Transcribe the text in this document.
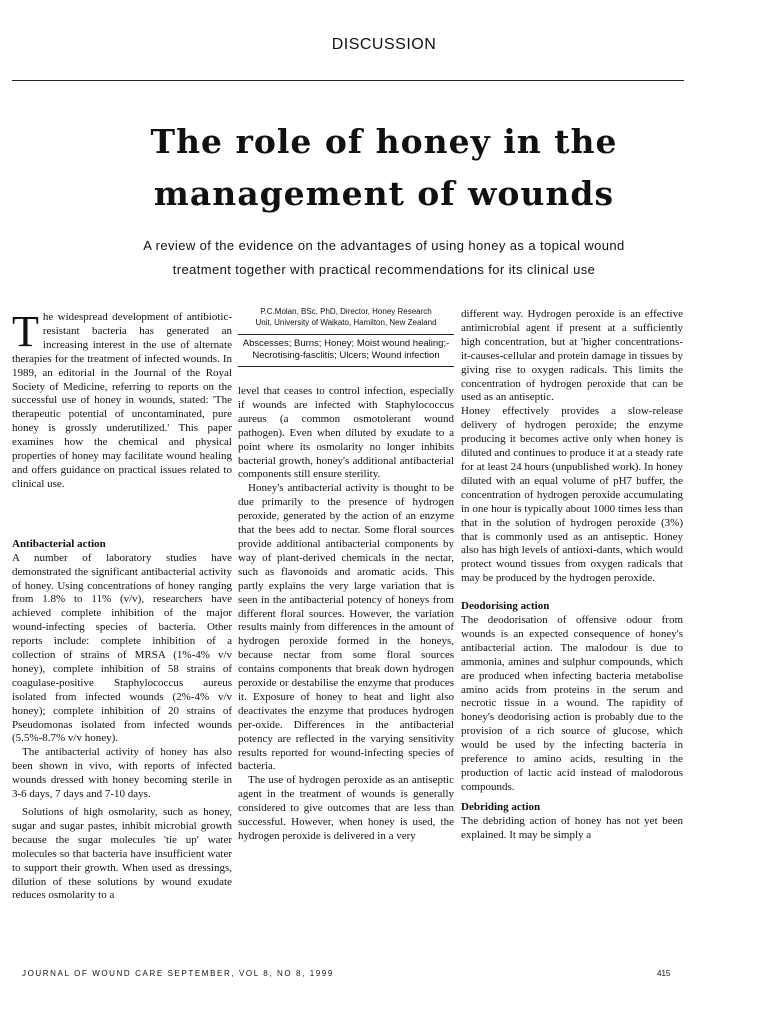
DISCUSSION
The role of honey in the
management of wounds
A review of the evidence on the advantages of using honey as a topical wound
treatment together with practical recommendations for its clinical use

T he widespread development of antibiotic-resistant bacteria has generated an increasing interest in the use of alternate therapies for the treatment of infected wounds. In 1989, an editorial in the Journal of the Royal Society of Medicine, referring to reports on the successful use of honey in wounds, stated: 'The therapeutic potential of uncontaminated, pure honey is grossly underutilized.' This paper examines how the chemical and physical properties of honey may facilitate wound healing and offers guidance on practical issues related to clinical use.

Antibacterial action

A number of laboratory studies have demonstrated the significant antibacterial activity of honey. Using concentrations of honey ranging from 1.8% to 11% (v/v), researchers have achieved complete inhibition of the major wound-infecting species of bacteria. Other reports include: complete inhibition of a collection of strains of MRSA (1%-4% v/v honey), complete inhibition of 58 strains of coagulase-positive Staphylococcus aureus isolated from infected wounds (2%-4% v/v honey); complete inhibition of 20 strains of Pseudomonas isolated from infected wounds (5.5%-8.7% v/v honey).

The antibacterial activity of honey has also been shown in vivo, with reports of infected wounds dressed with honey becoming sterile in 3-6 days, 7 days and 7-10 days.

Solutions of high osmolarity, such as honey, sugar and sugar pastes, inhibit microbial growth because the sugar molecules 'tie up' water molecules so that bacteria have insufficient water to support their growth. When used as dressings, dilution of these solutions by wound exudate reduces osmolarity to a

P.C.Molan, BSc, PhD, Director, Honey Research
Unit, University of Waikato, Hamilton, New Zealand
Abscesses; Burns; Honey; Moist wound healing;-Necrotising-fasclitis; Ulcers; Wound infection

level that ceases to control infection, especially if wounds are infected with Staphylococcus aureus (a common osmotolerant wound pathogen). Even when diluted by exudate to a point where its osmolarity no longer inhibits bacterial growth, honey's additional antibacterial components still ensure sterility.

Honey's antibacterial activity is thought to be due primarily to the presence of hydrogen peroxide, generated by the action of an enzyme that the bees add to nectar. Some floral sources provide additional antibacterial components by way of plant-derived chemicals in the nectar, such as flavonoids and aromatic acids. This partly explains the very large variation that is seen in the antibacterial potency of honeys from different floral sources. However, the variation results mainly from differences in the amount of hydrogen peroxide formed in the honeys, because nectar from some floral sources contains components that break down hydrogen peroxide or destabilise the enzyme that produces it. Exposure of honey to heat and light also deactivates the enzyme that produces hydrogen per-oxide. Differences in the antibacterial potency are reflected in the varying sensitivity results reported for wound-infecting species of bacteria.

The use of hydrogen peroxide as an antiseptic agent in the treatment of wounds is generally considered to give outcomes that are less than successful. However, when honey is used, the hydrogen peroxide is delivered in a very

different way. Hydrogen peroxide is an effective antimicrobial agent if present at a sufficiently high concentration, but at 'higher concentrations-it-causes-cellular and protein damage in tissues by giving rise to oxygen radicals. This limits the concentration of hydrogen peroxide that can be used as an antiseptic.

Honey effectively provides a slow-release delivery of hydrogen peroxide; the enzyme producing it becomes active only when honey is diluted and continues to produce it at a steady rate for at least 24 hours (unpublished work). In honey diluted with an equal volume of pH7 buffer, the concentration of hydrogen peroxide accumulating in one hour is typically about 1000 times less than that in the solution of hydrogen peroxide (3%) that is commonly used as an antiseptic. Honey also has high levels of antioxi-dants, which would protect wound tissues from oxygen radicals that may be produced by the hydrogen peroxide.

Deodorising action

The deodorisation of offensive odour from wounds is an expected consequence of honey's antibacterial action. The malodour is due to ammonia, amines and sulphur compounds, which are produced when infecting bacteria metabolise amino acids from proteins in the serum and necrotic tissue in a wound. The rapidity of honey's deodorising action is probably due to the provision of a rich source of glucose, which would be used by the infecting bacteria in preference to amino acids, resulting in the production of lactic acid instead of malodorous compounds.

Debriding action

The debriding action of honey has not yet been explained. It may be simply a

JOURNAL OF WOUND CARE SEPTEMBER, VOL 8, NO 8, 1999	415
